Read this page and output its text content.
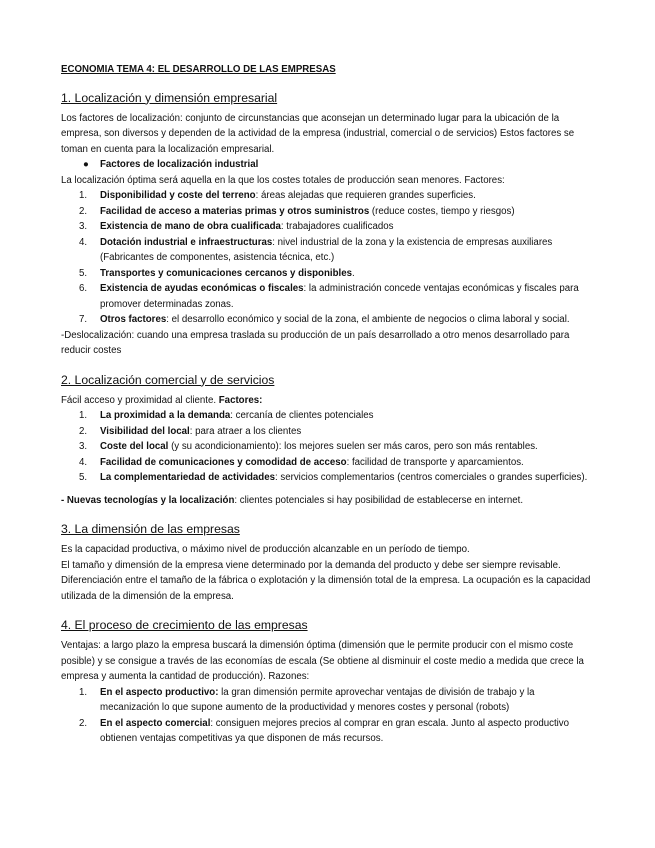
ECONOMIA TEMA 4: EL DESARROLLO DE LAS EMPRESAS

1. Localización y dimensión empresarial

Los factores de localización: conjunto de circunstancias que aconsejan un determinado lugar para la ubicación de la empresa, son diversos y dependen de la actividad de la empresa (industrial, comercial o de servicios) Estos factores se toman en cuenta para la localización empresarial.

● Factores de localización industrial

La localización óptima será aquella en la que los costes totales de producción sean menores. Factores:

1. Disponibilidad y coste del terreno: áreas alejadas que requieren grandes superficies.
2. Facilidad de acceso a materias primas y otros suministros (reduce costes, tiempo y riesgos)
3. Existencia de mano de obra cualificada: trabajadores cualificados
4. Dotación industrial e infraestructuras: nivel industrial de la zona y la existencia de empresas auxiliares (Fabricantes de componentes, asistencia técnica, etc.)
5. Transportes y comunicaciones cercanos y disponibles.
6. Existencia de ayudas económicas o fiscales: la administración concede ventajas económicas y fiscales para promover determinadas zonas.
7. Otros factores: el desarrollo económico y social de la zona, el ambiente de negocios o clima laboral y social.

-Deslocalización: cuando una empresa traslada su producción de un país desarrollado a otro menos desarrollado para reducir costes

2. Localización comercial y de servicios

Fácil acceso y proximidad al cliente. Factores:

1. La proximidad a la demanda: cercanía de clientes potenciales
2. Visibilidad del local: para atraer a los clientes
3. Coste del local (y su acondicionamiento): los mejores suelen ser más caros, pero son más rentables.
4. Facilidad de comunicaciones y comodidad de acceso: facilidad de transporte y aparcamientos.
5. La complementariedad de actividades: servicios complementarios (centros comerciales o grandes superficies).

- Nuevas tecnologías y la localización: clientes potenciales si hay posibilidad de establecerse en internet.

3. La dimensión de las empresas

Es la capacidad productiva, o máximo nivel de producción alcanzable en un período de tiempo.

El tamaño y dimensión de la empresa viene determinado por la demanda del producto y debe ser siempre revisable. Diferenciación entre el tamaño de la fábrica o explotación y la dimensión total de la empresa. La ocupación es la capacidad utilizada de la dimensión de la empresa.

4. El proceso de crecimiento de las empresas

Ventajas: a largo plazo la empresa buscará la dimensión óptima (dimensión que le permite producir con el mismo coste posible) y se consigue a través de las economías de escala (Se obtiene al disminuir el coste medio a medida que crece la empresa y aumenta la cantidad de producción). Razones:

1. En el aspecto productivo: la gran dimensión permite aprovechar ventajas de división de trabajo y la mecanización lo que supone aumento de la productividad y menores costes y personal (robots)
2. En el aspecto comercial: consiguen mejores precios al comprar en gran escala. Junto al aspecto productivo obtienen ventajas competitivas ya que disponen de más recursos.
